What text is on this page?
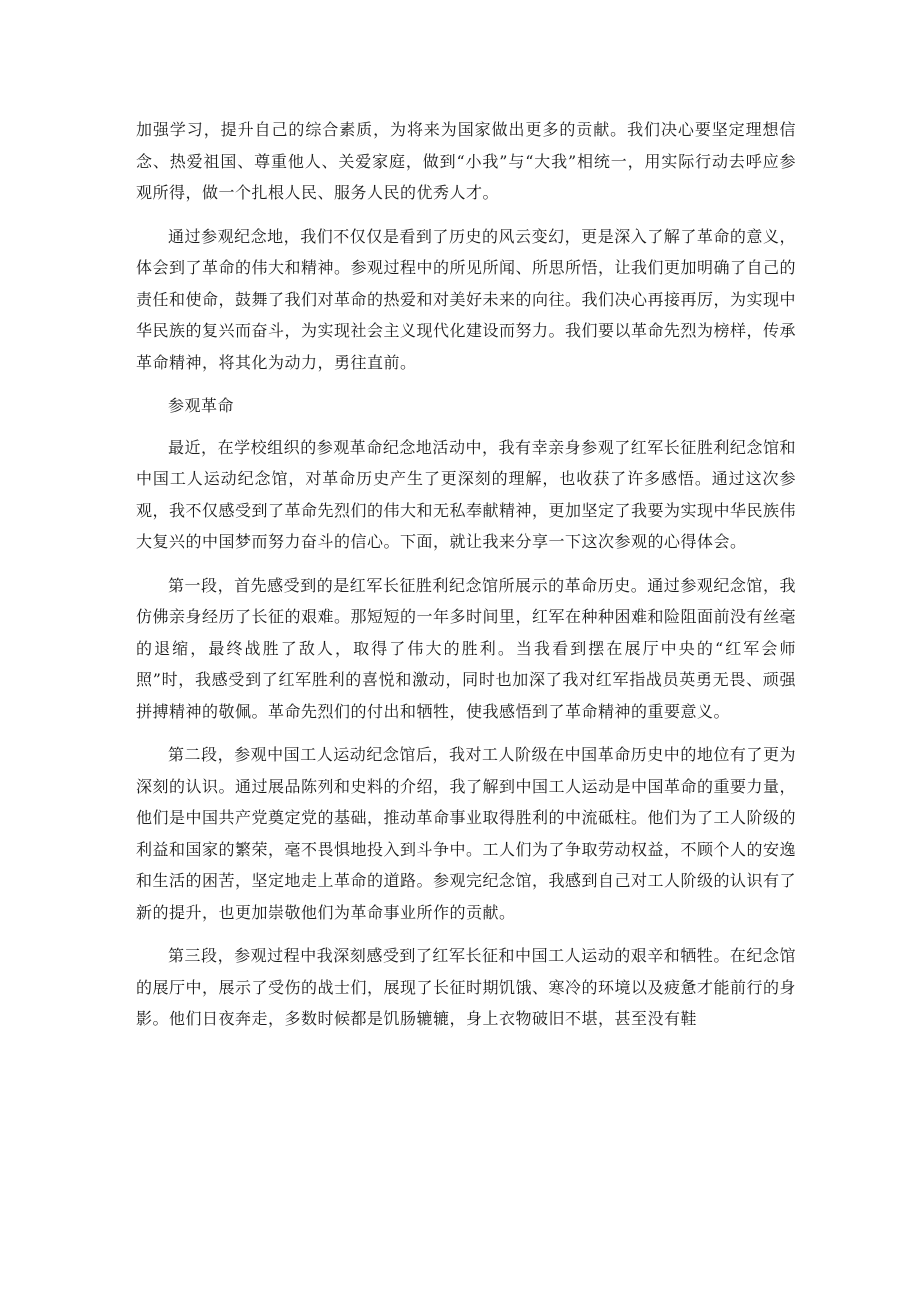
加强学习，提升自己的综合素质，为将来为国家做出更多的贡献。我们决心要坚定理想信念、热爱祖国、尊重他人、关爱家庭，做到“小我”与“大我”相统一，用实际行动去呼应参观所得，做一个扎根人民、服务人民的优秀人才。

通过参观纪念地，我们不仅仅是看到了历史的风云变幻，更是深入了解了革命的意义，体会到了革命的伟大和精神。参观过程中的所见所闻、所思所悟，让我们更加明确了自己的责任和使命，鼓舞了我们对革命的热爱和对美好未来的向往。我们决心再接再厉，为实现中华民族的复兴而奋斗，为实现社会主义现代化建设而努力。我们要以革命先烈为榜样，传承革命精神，将其化为动力，勇往直前。

参观革命

最近，在学校组织的参观革命纪念地活动中，我有幸亲身参观了红军长征胜利纪念馆和中国工人运动纪念馆，对革命历史产生了更深刻的理解，也收获了许多感悟。通过这次参观，我不仅感受到了革命先烈们的伟大和无私奉献精神，更加坚定了我要为实现中华民族伟大复兴的中国梦而努力奋斗的信心。下面，就让我来分享一下这次参观的心得体会。

第一段，首先感受到的是红军长征胜利纪念馆所展示的革命历史。通过参观纪念馆，我仿佛亲身经历了长征的艰难。那短短的一年多时间里，红军在种种困难和险阻面前没有丝毫的退缩，最终战胜了敌人，取得了伟大的胜利。当我看到摆在展厅中央的“红军会师照”时，我感受到了红军胜利的喜悦和激动，同时也加深了我对红军指战员英勇无畏、顽强拼搏精神的敬佩。革命先烈们的付出和牺牲，使我感悟到了革命精神的重要意义。

第二段，参观中国工人运动纪念馆后，我对工人阶级在中国革命历史中的地位有了更为深刻的认识。通过展品陈列和史料的介绍，我了解到中国工人运动是中国革命的重要力量，他们是中国共产党奠定党的基础，推动革命事业取得胜利的中流砥柱。他们为了工人阶级的利益和国家的繁荣，毫不畏惧地投入到斗争中。工人们为了争取劳动权益，不顾个人的安逸和生活的困苦，坚定地走上革命的道路。参观完纪念馆，我感到自己对工人阶级的认识有了新的提升，也更加崇敬他们为革命事业所作的贡献。

第三段，参观过程中我深刻感受到了红军长征和中国工人运动的艰辛和牺牲。在纪念馆的展厅中，展示了受伤的战士们，展现了长征时期饥饿、寒冷的环境以及疲惫才能前行的身影。他们日夜奔走，多数时候都是饥肠辘辘，身上衣物破旧不堪，甚至没有鞋
